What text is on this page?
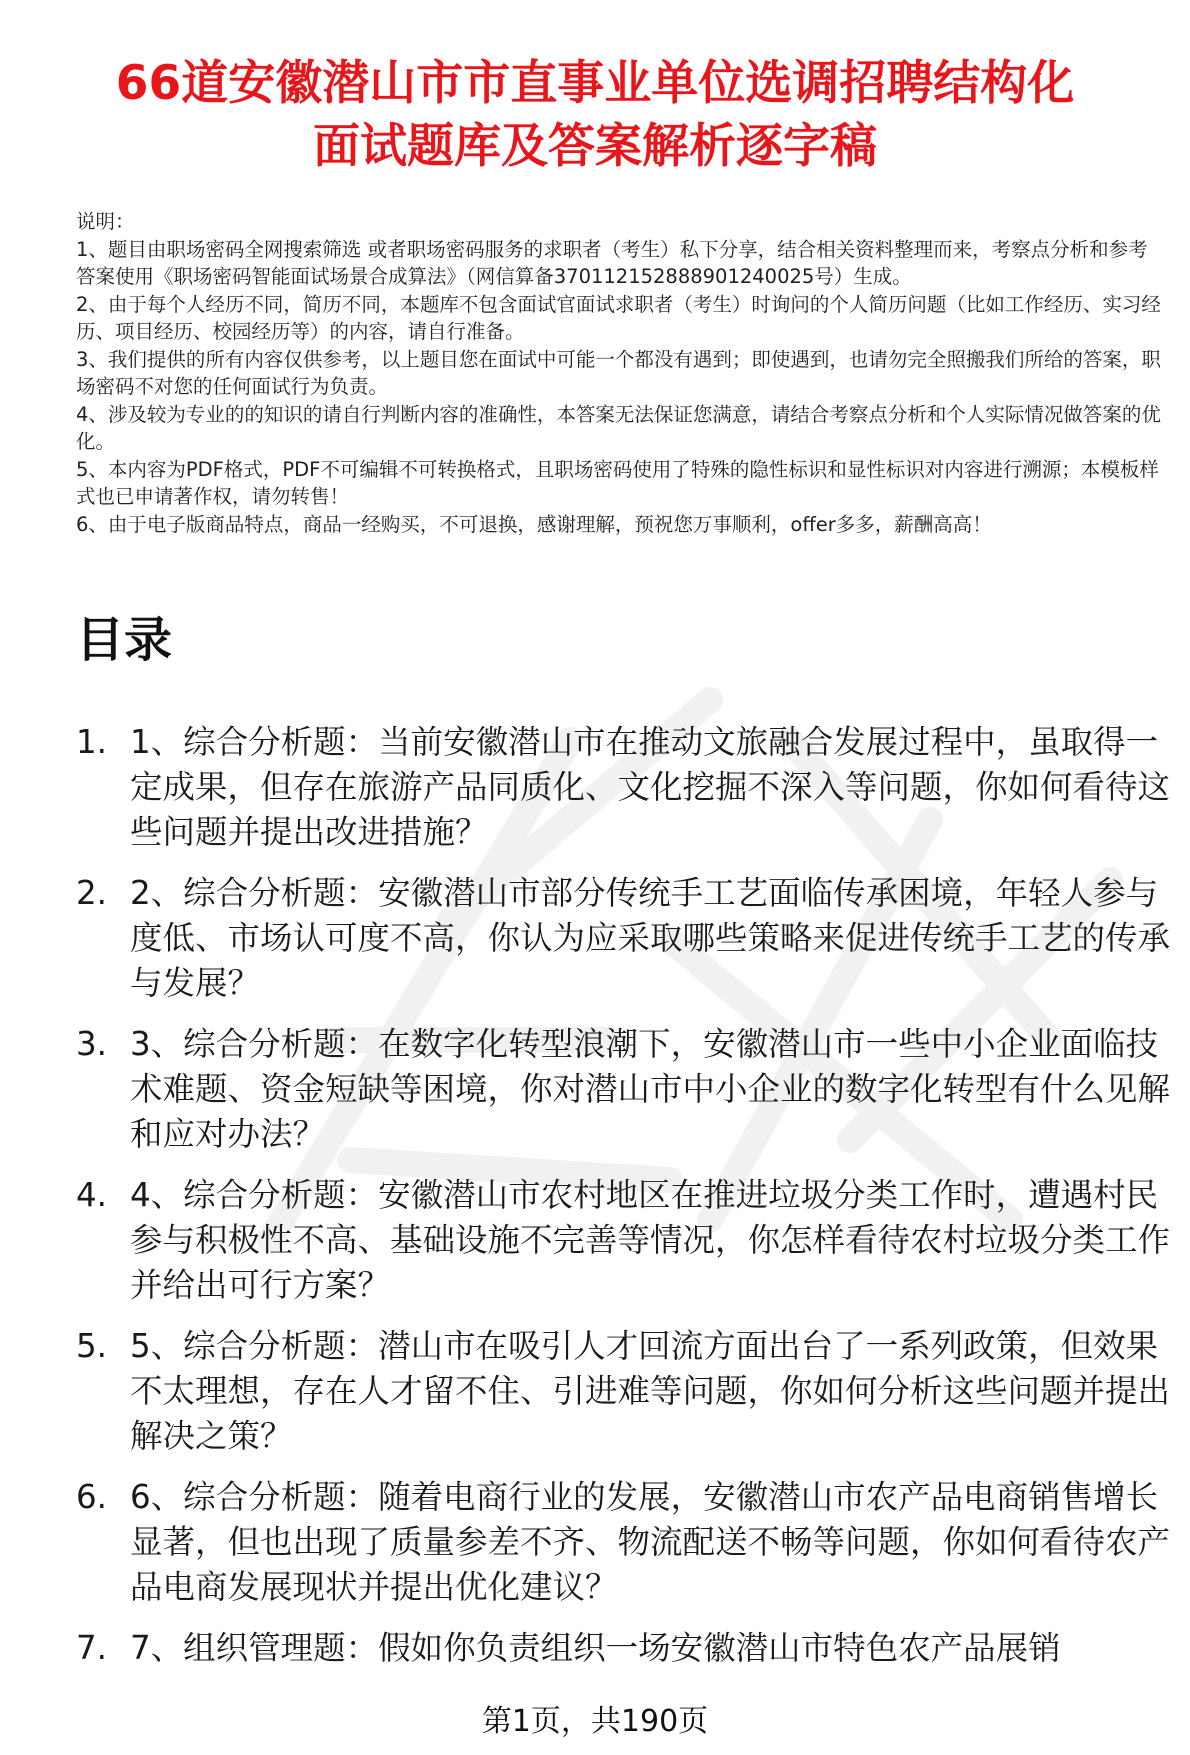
66道安徽潜山市市直事业单位选调招聘结构化
面试题库及答案解析逐字稿

说明：

1、题目由职场密码全网搜索筛选 或者职场密码服务的求职者（考生）私下分享，结合相关资料整理而来，考察点分析和参考答案使用《职场密码智能面试场景合成算法》（网信算备370112152888901240025号）生成。

2、由于每个人经历不同，简历不同，本题库不包含面试官面试求职者（考生）时询问的个人简历问题（比如工作经历、实习经历、项目经历、校园经历等）的内容，请自行准备。

3、我们提供的所有内容仅供参考，以上题目您在面试中可能一个都没有遇到；即使遇到，也请勿完全照搬我们所给的答案，职场密码不对您的任何面试行为负责。

4、涉及较为专业的的知识的请自行判断内容的准确性，本答案无法保证您满意，请结合考察点分析和个人实际情况做答案的优化。

5、本内容为PDF格式，PDF不可编辑不可转换格式，且职场密码使用了特殊的隐性标识和显性标识对内容进行溯源；本模板样式也已申请著作权，请勿转售！

6、由于电子版商品特点，商品一经购买，不可退换，感谢理解，预祝您万事顺利，offer多多，薪酬高高！

目录
1. 1、综合分析题：当前安徽潜山市在推动文旅融合发展过程中，虽取得一定成果，但存在旅游产品同质化、文化挖掘不深入等问题，你如何看待这些问题并提出改进措施？
2. 2、综合分析题：安徽潜山市部分传统手工艺面临传承困境，年轻人参与度低、市场认可度不高，你认为应采取哪些策略来促进传统手工艺的传承与发展？
3. 3、综合分析题：在数字化转型浪潮下，安徽潜山市一些中小企业面临技术难题、资金短缺等困境，你对潜山市中小企业的数字化转型有什么见解和应对办法？
4. 4、综合分析题：安徽潜山市农村地区在推进垃圾分类工作时，遭遇村民参与积极性不高、基础设施不完善等情况，你怎样看待农村垃圾分类工作并给出可行方案？
5. 5、综合分析题：潜山市在吸引人才回流方面出台了一系列政策，但效果不太理想，存在人才留不住、引进难等问题，你如何分析这些问题并提出解决之策？
6. 6、综合分析题：随着电商行业的发展，安徽潜山市农产品电商销售增长显著，但也出现了质量参差不齐、物流配送不畅等问题，你如何看待农产品电商发展现状并提出优化建议？
7. 7、组织管理题：假如你负责组织一场安徽潜山市特色农产品展销
第1页，共190页
